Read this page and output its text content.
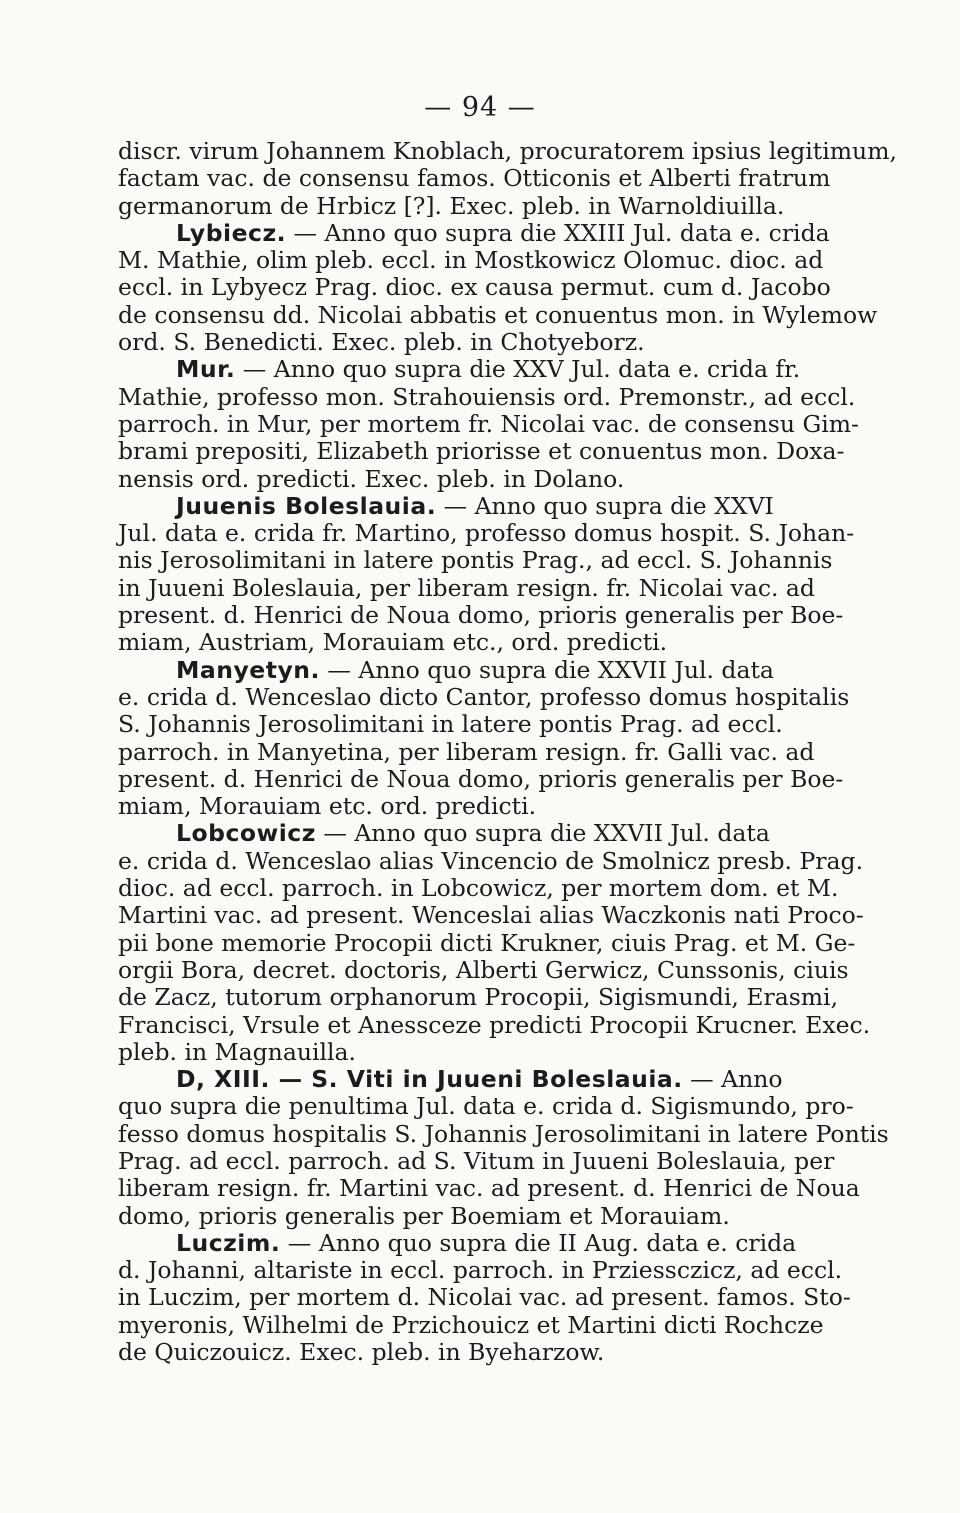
— 94 —
discr. virum Johannem Knoblach, procuratorem ipsius legitimum,
factam vac. de consensu famos. Otticonis et Alberti fratrum
germanorum de Hrbicz [?]. Exec. pleb. in Warnoldiuilla.
Lybiecz. — Anno quo supra die XXIII Jul. data e. crida
M. Mathie, olim pleb. eccl. in Mostkowicz Olomuc. dioc. ad
eccl. in Lybyecz Prag. dioc. ex causa permut. cum d. Jacobo
de consensu dd. Nicolai abbatis et conuentus mon. in Wylemow
ord. S. Benedicti. Exec. pleb. in Chotyeborz.
Mur. — Anno quo supra die XXV Jul. data e. crida fr.
Mathie, professo mon. Strahouiensis ord. Premonstr., ad eccl.
parroch. in Mur, per mortem fr. Nicolai vac. de consensu Gim-
brami prepositi, Elizabeth priorisse et conuentus mon. Doxa-
nensis ord. predicti. Exec. pleb. in Dolano.
Juuenis Boleslauia. — Anno quo supra die XXVI
Jul. data e. crida fr. Martino, professo domus hospit. S. Johan-
nis Jerosolimitani in latere pontis Prag., ad eccl. S. Johannis
in Juueni Boleslauia, per liberam resign. fr. Nicolai vac. ad
present. d. Henrici de Noua domo, prioris generalis per Boe-
miam, Austriam, Morauiam etc., ord. predicti.
Manyetyn. — Anno quo supra die XXVII Jul. data
e. crida d. Wenceslao dicto Cantor, professo domus hospitalis
S. Johannis Jerosolimitani in latere pontis Prag. ad eccl.
parroch. in Manyetina, per liberam resign. fr. Galli vac. ad
present. d. Henrici de Noua domo, prioris generalis per Boe-
miam, Morauiam etc. ord. predicti.
Lobcowicz — Anno quo supra die XXVII Jul. data
e. crida d. Wenceslao alias Vincencio de Smolnicz presb. Prag.
dioc. ad eccl. parroch. in Lobcowicz, per mortem dom. et M.
Martini vac. ad present. Wenceslai alias Waczkonis nati Proco-
pii bone memorie Procopii dicti Krukner, ciuis Prag. et M. Ge-
orgii Bora, decret. doctoris, Alberti Gerwicz, Cunssonis, ciuis
de Zacz, tutorum orphanorum Procopii, Sigismundi, Erasmi,
Francisci, Vrsule et Anessceze predicti Procopii Krucner. Exec.
pleb. in Magnauilla.
D, XIII. — S. Viti in Juueni Boleslauia. — Anno
quo supra die penultima Jul. data e. crida d. Sigismundo, pro-
fesso domus hospitalis S. Johannis Jerosolimitani in latere Pontis
Prag. ad eccl. parroch. ad S. Vitum in Juueni Boleslauia, per
liberam resign. fr. Martini vac. ad present. d. Henrici de Noua
domo, prioris generalis per Boemiam et Morauiam.
Luczim. — Anno quo supra die II Aug. data e. crida
d. Johanni, altariste in eccl. parroch. in Prziessczicz, ad eccl.
in Luczim, per mortem d. Nicolai vac. ad present. famos. Sto-
myeronis, Wilhelmi de Przichouicz et Martini dicti Rochcze
de Quiczouicz. Exec. pleb. in Byeharzow.
